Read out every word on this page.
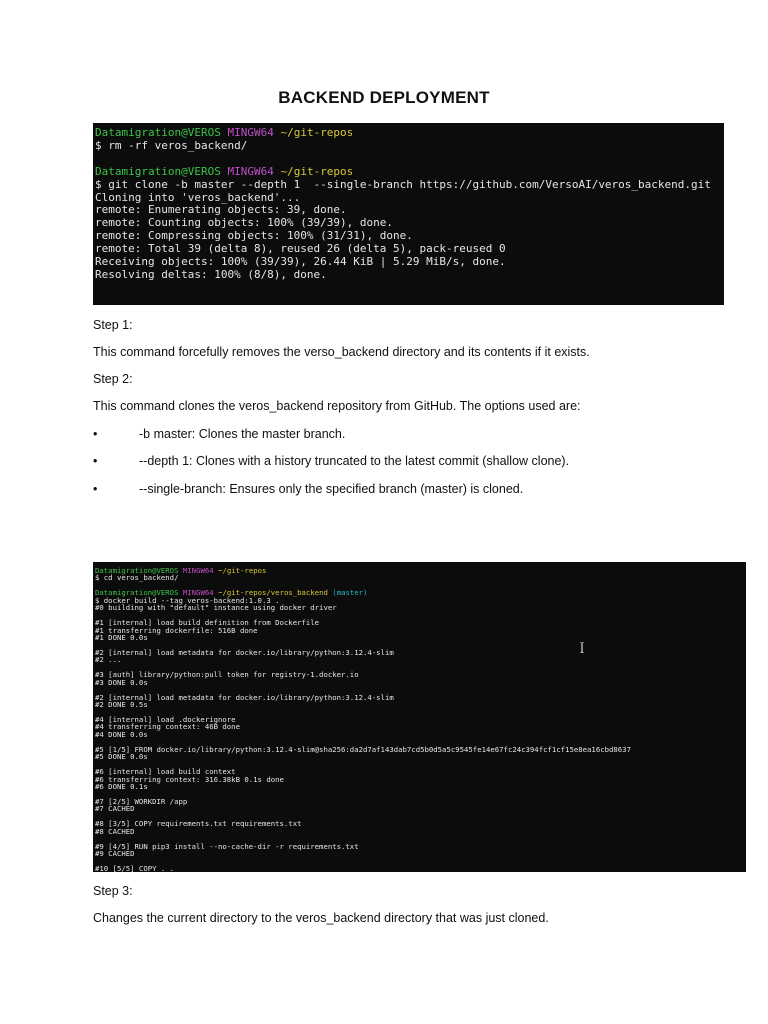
BACKEND DEPLOYMENT
Datamigration@VEROS MINGW64 ~/git-repos
$ rm -rf veros_backend/
Datamigration@VEROS MINGW64 ~/git-repos
$ git clone -b master --depth 1  --single-branch https://github.com/VersoAI/veros_backend.git
Cloning into 'veros_backend'...
remote: Enumerating objects: 39, done.
remote: Counting objects: 100% (39/39), done.
remote: Compressing objects: 100% (31/31), done.
remote: Total 39 (delta 8), reused 26 (delta 5), pack-reused 0
Receiving objects: 100% (39/39), 26.44 KiB | 5.29 MiB/s, done.
Resolving deltas: 100% (8/8), done.

Step 1:

This command forcefully removes the verso_backend directory and its contents if it exists.

Step 2:

This command clones the veros_backend repository from GitHub. The options used are:

•	-b master: Clones the master branch.
•	--depth 1: Clones with a history truncated to the latest commit (shallow clone).
•	--single-branch: Ensures only the specified branch (master) is cloned.
Datamigration@VEROS MINGW64 ~/git-repos
$ cd veros_backend/
Datamigration@VEROS MINGW64 ~/git-repos/veros_backend (master)
$ docker build --tag veros-backend:1.0.3 .
#0 building with "default" instance using docker driver
#1 [internal] load build definition from Dockerfile
#1 transferring dockerfile: 516B done
#1 DONE 0.0s
#2 [internal] load metadata for docker.io/library/python:3.12.4-slim
#2 ...
#3 [auth] library/python:pull token for registry-1.docker.io
#3 DONE 0.0s
#2 [internal] load metadata for docker.io/library/python:3.12.4-slim
#2 DONE 0.5s
#4 [internal] load .dockerignore
#4 transferring context: 46B done
#4 DONE 0.0s
#5 [1/5] FROM docker.io/library/python:3.12.4-slim@sha256:da2d7af143dab7cd5b0d5a5c9545fe14e67fc24c394fcf1cf15e8ea16cbd8637
#5 DONE 0.0s
#6 [internal] load build context
#6 transferring context: 316.38kB 0.1s done
#6 DONE 0.1s
#7 [2/5] WORKDIR /app
#7 CACHED
#8 [3/5] COPY requirements.txt requirements.txt
#8 CACHED
#9 [4/5] RUN pip3 install --no-cache-dir -r requirements.txt
#9 CACHED
#10 [5/5] COPY . .
Ｉ

Step 3:

Changes the current directory to the veros_backend directory that was just cloned.
